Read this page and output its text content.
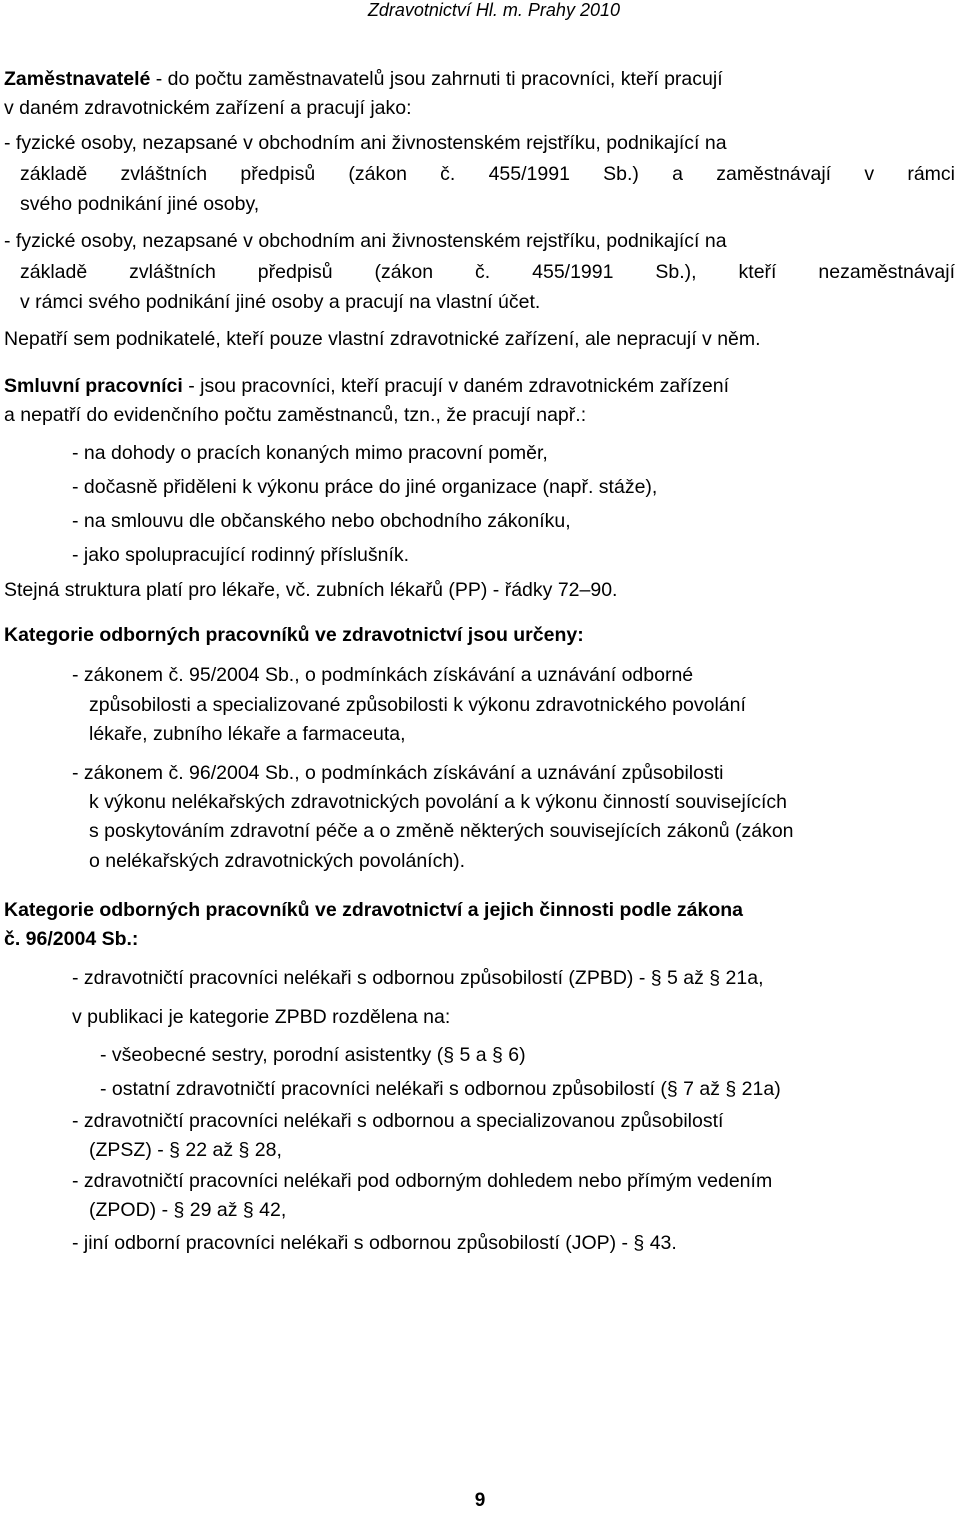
Zdravotnictví Hl. m. Prahy 2010
Zaměstnavatelé - do počtu zaměstnavatelů jsou zahrnuti ti pracovníci, kteří pracují
v daném zdravotnickém zařízení a pracují jako:
- fyzické osoby, nezapsané v obchodním ani živnostenském rejstříku, podnikající na
základě zvláštních předpisů (zákon č. 455/1991 Sb.) a zaměstnávají v rámci
svého podnikání jiné osoby,
- fyzické osoby, nezapsané v obchodním ani živnostenském rejstříku, podnikající na
základě zvláštních předpisů (zákon č. 455/1991 Sb.), kteří nezaměstnávají
v rámci svého podnikání jiné osoby a pracují na vlastní účet.
Nepatří sem podnikatelé, kteří pouze vlastní zdravotnické zařízení, ale nepracují v něm.
Smluvní pracovníci - jsou pracovníci, kteří pracují v daném zdravotnickém zařízení
a nepatří do evidenčního počtu zaměstnanců, tzn., že pracují např.:
- na dohody o pracích konaných mimo pracovní poměr,
- dočasně přiděleni k výkonu práce do jiné organizace (např. stáže),
- na smlouvu dle občanského nebo obchodního zákoníku,
- jako spolupracující rodinný příslušník.
Stejná struktura platí pro lékaře, vč. zubních lékařů (PP) - řádky 72–90.
Kategorie odborných pracovníků ve zdravotnictví jsou určeny:
- zákonem č. 95/2004 Sb., o podmínkách získávání a uznávání odborné
způsobilosti a specializované způsobilosti k výkonu zdravotnického povolání
lékaře, zubního lékaře a farmaceuta,
- zákonem č. 96/2004 Sb., o podmínkách získávání a uznávání způsobilosti
k výkonu nelékařských zdravotnických povolání a k výkonu činností souvisejících
s poskytováním zdravotní péče a o změně některých souvisejících zákonů (zákon
o nelékařských zdravotnických povoláních).
Kategorie odborných pracovníků ve zdravotnictví a jejich činnosti podle zákona
č. 96/2004 Sb.:
- zdravotničtí pracovníci nelékaři s odbornou způsobilostí (ZPBD) - § 5 až § 21a,
v publikaci je kategorie ZPBD rozdělena na:
- všeobecné sestry, porodní asistentky (§ 5 a § 6)
- ostatní zdravotničtí pracovníci nelékaři s odbornou způsobilostí (§ 7 až § 21a)
- zdravotničtí pracovníci nelékaři s odbornou a specializovanou způsobilostí
(ZPSZ) - § 22 až § 28,
- zdravotničtí pracovníci nelékaři pod odborným dohledem nebo přímým vedením
(ZPOD) - § 29 až § 42,
- jiní odborní pracovníci nelékaři s odbornou způsobilostí (JOP) - § 43.
9
